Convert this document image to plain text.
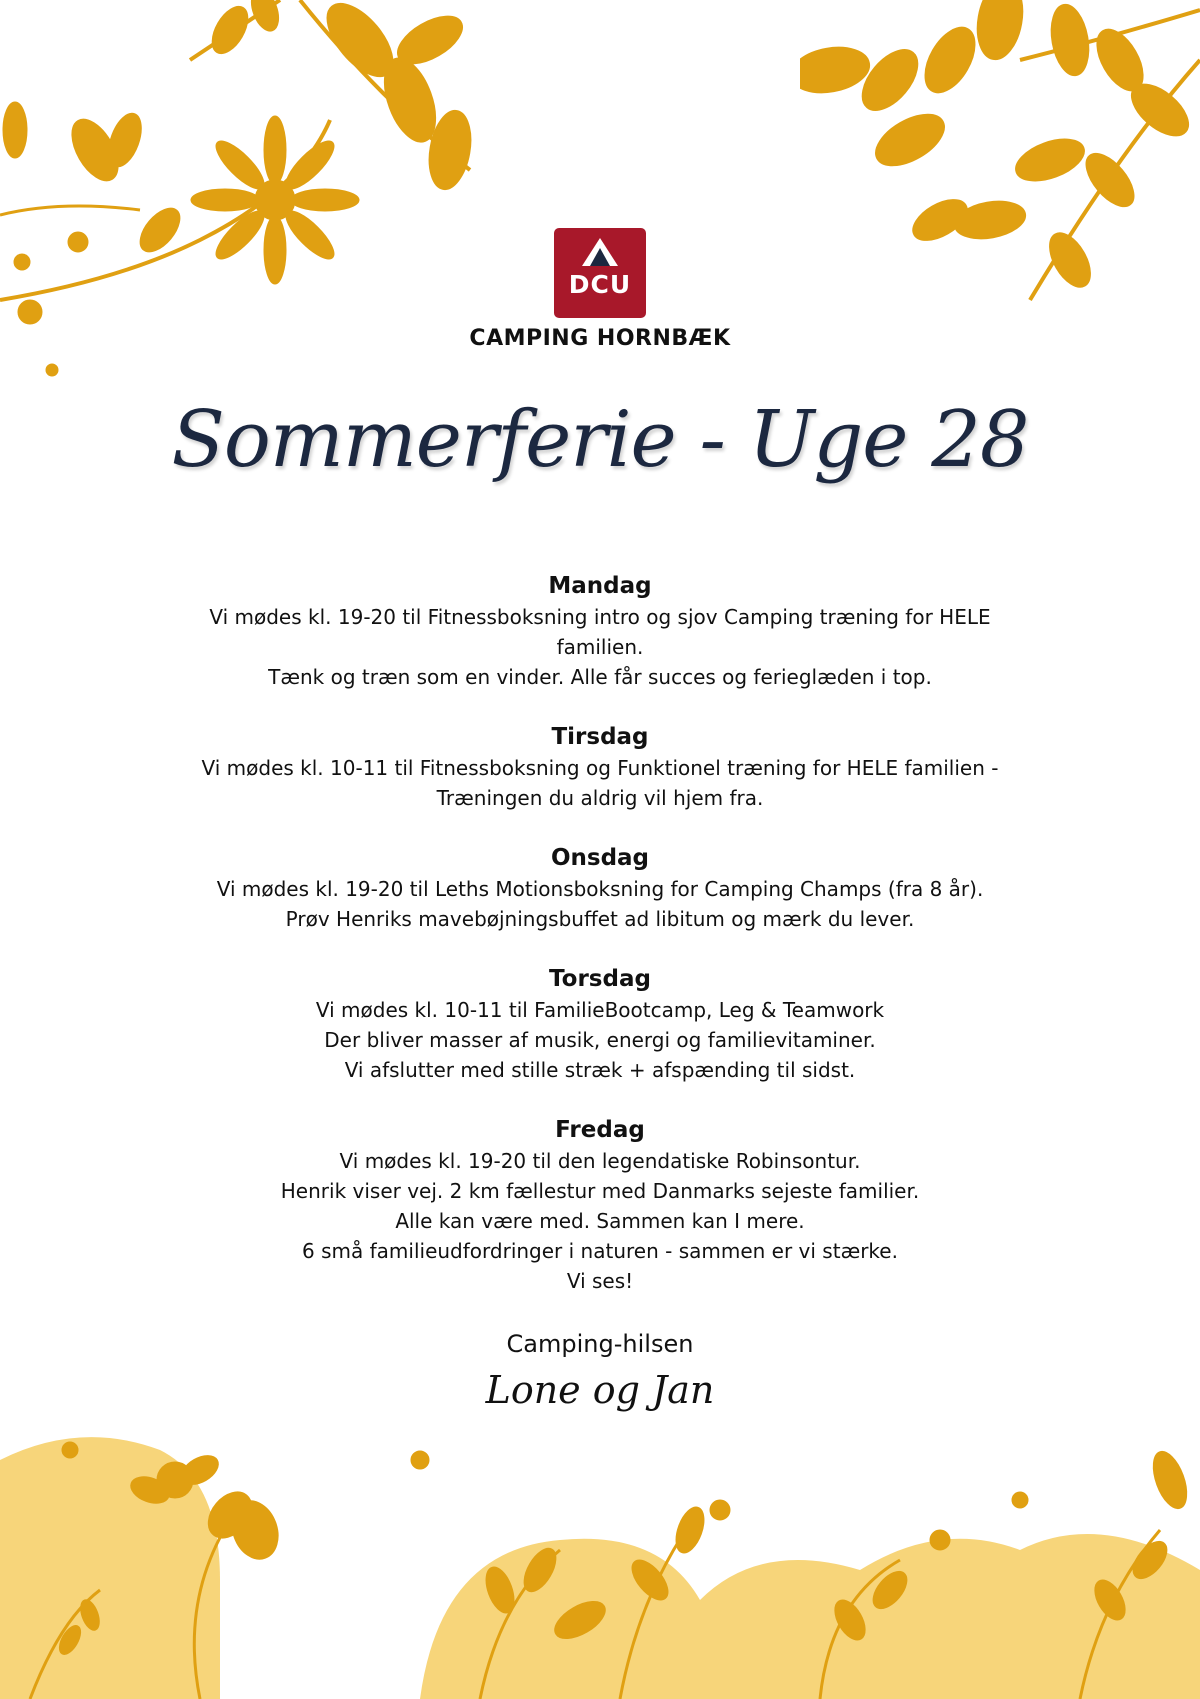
DCU
CAMPING HORNBÆK
Sommerferie - Uge 28
Mandag
Vi mødes kl. 19-20 til Fitnessboksning intro og sjov Camping træning for HELE
familien.
Tænk og træn som en vinder. Alle får succes og ferieglæden i top.
Tirsdag
Vi mødes kl. 10-11 til Fitnessboksning og Funktionel træning for HELE familien -
Træningen du aldrig vil hjem fra.
Onsdag
Vi mødes kl. 19-20 til Leths Motionsboksning for Camping Champs (fra 8 år).
Prøv Henriks mavebøjningsbuffet ad libitum og mærk du lever.
Torsdag
Vi mødes kl. 10-11 til FamilieBootcamp, Leg & Teamwork
Der bliver masser af musik, energi og familievitaminer.
Vi afslutter med stille stræk + afspænding til sidst.
Fredag
Vi mødes kl. 19-20 til den legendatiske Robinsontur.
Henrik viser vej. 2 km fællestur med Danmarks sejeste familier.
Alle kan være med. Sammen kan I mere.
6 små familieudfordringer i naturen - sammen er vi stærke.
Vi ses!
Camping-hilsen
Lone og Jan
